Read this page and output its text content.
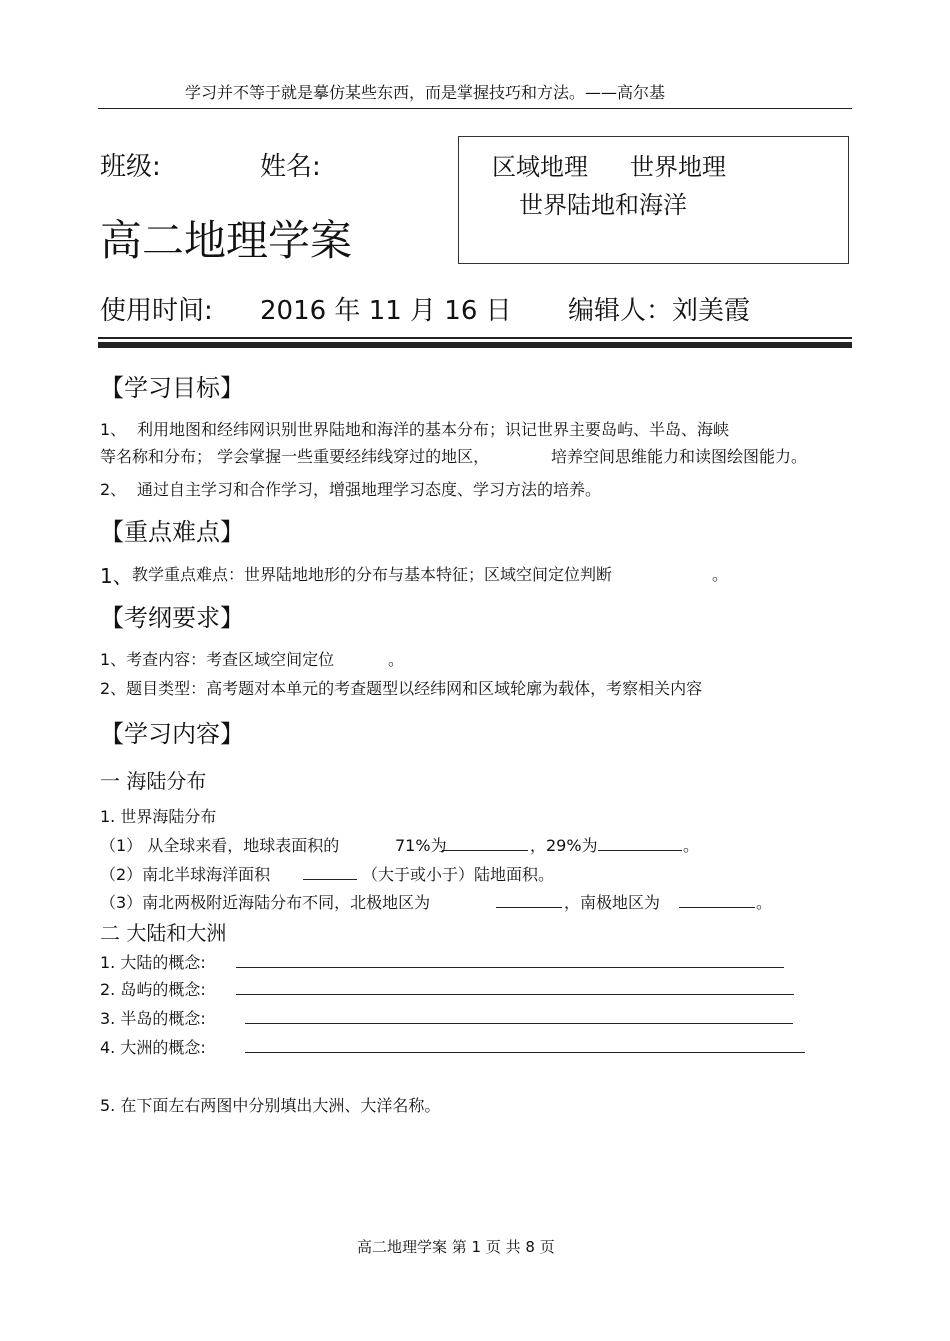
学习并不等于就是摹仿某些东西，而是掌握技巧和方法。——高尔基
班级:	姓名:
高二地理学案
区域地理 世界地理
世界陆地和海洋
使用时间: 2016 年 11 月 16 日 编辑人：刘美霞
【学习目标】
1、 利用地图和经纬网识别世界陆地和海洋的基本分布；识记世界主要岛屿、半岛、海峡
等名称和分布； 学会掌握一些重要经纬线穿过的地区，	培养空间思维能力和读图绘图能力。
2、 通过自主学习和合作学习，增强地理学习态度、学习方法的培养。
【重点难点】
1、 教学重点难点：世界陆地地形的分布与基本特征；区域空间定位判断	。
【考纲要求】
1、考查内容：考查区域空间定位	。
2、题目类型：高考题对本单元的考查题型以经纬网和区域轮廓为载体，考察相关内容
【学习内容】
一 海陆分布
1. 世界海陆分布
（1） 从全球来看，地球表面积的	71%为	，29%为	。
（2）南北半球海洋面积	（大于或小于）陆地面积。
（3）南北两极附近海陆分布不同，北极地区为	，南极地区为	。
二 大陆和大洲
1. 大陆的概念:
2. 岛屿的概念:
3. 半岛的概念:
4. 大洲的概念:
5. 在下面左右两图中分别填出大洲、大洋名称。
高二地理学案 第 1 页 共 8 页
